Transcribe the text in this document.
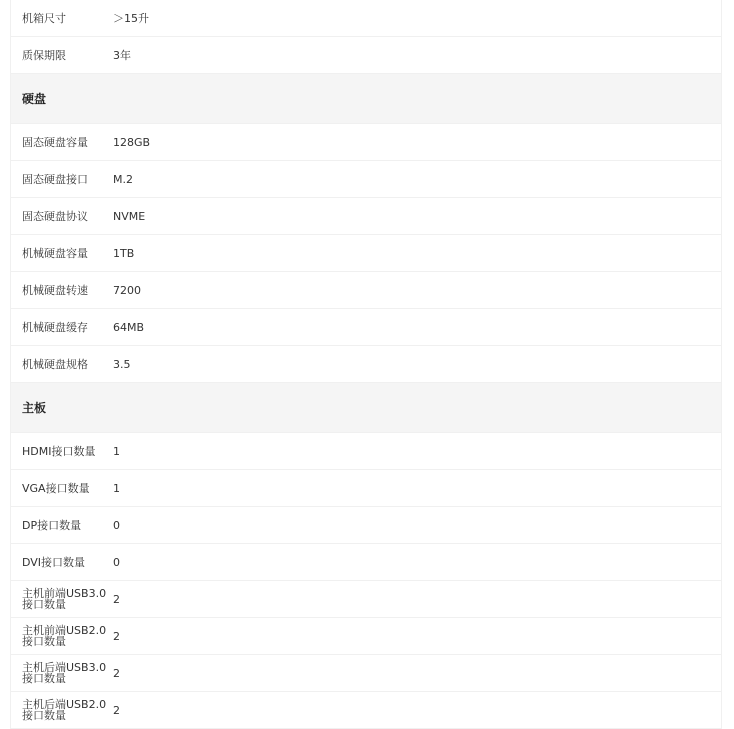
机箱尺寸	＞15升
质保期限	3年
硬盘
固态硬盘容量	128GB
固态硬盘接口	M.2
固态硬盘协议	NVME
机械硬盘容量	1TB
机械硬盘转速	7200
机械硬盘缓存	64MB
机械硬盘规格	3.5
主板
HDMI接口数量	1
VGA接口数量	1
DP接口数量	0
DVI接口数量	0
主机前端USB3.0接口数量	2
主机前端USB2.0接口数量	2
主机后端USB3.0接口数量	2
主机后端USB2.0接口数量	2
